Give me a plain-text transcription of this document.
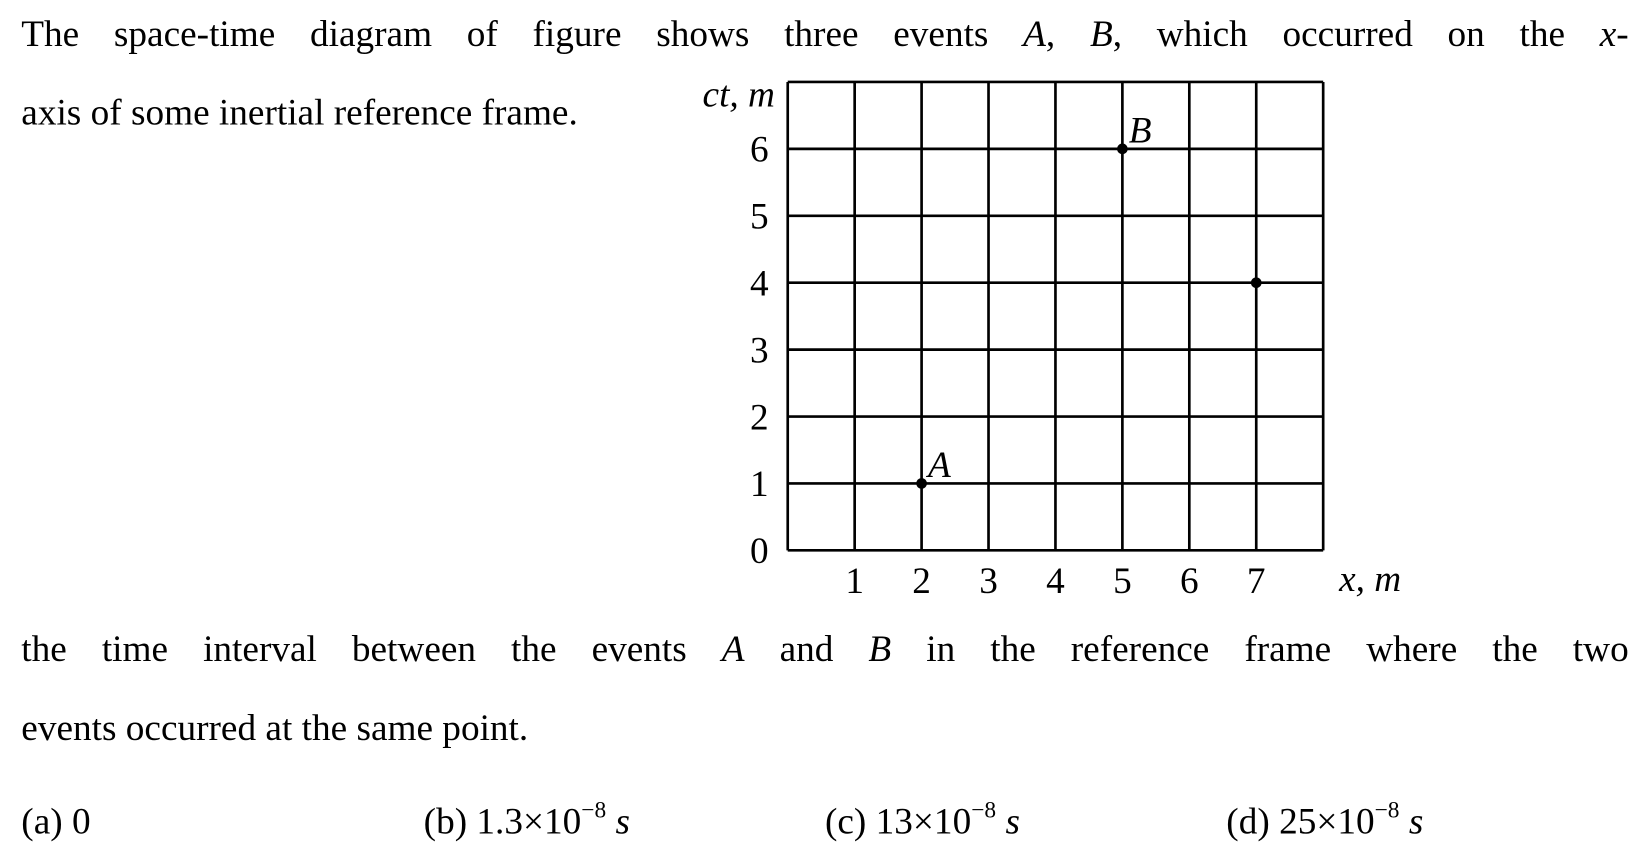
The space-time diagram of figure shows three events A, B, which occurred on the x-
axis of some inertial reference frame.
1 2 3 4 5 6 7
0
1
2
3
4
5
6
x, m
ct, m
A
B
the time interval between the events A and B in the reference frame where the two
events occurred at the same point.
(a) 0	(b) $1.3\times 10^{-8}$ s	(c) $13\times 10^{-8}$ s	(d) $25\times 10^{-8}$ s
